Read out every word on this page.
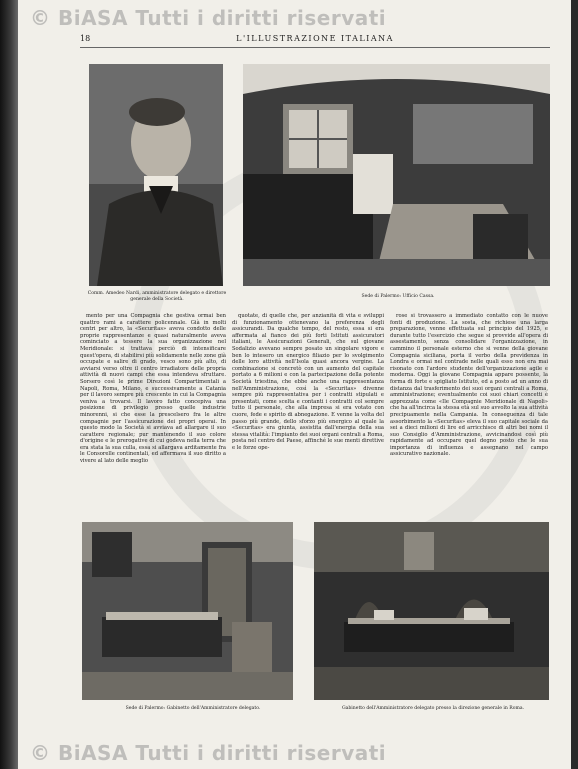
18	L'ILLUSTRAZIONE ITALIANA
Comm. Amedeo Nardi, amministratore delegato e direttore generale della Società.
Sede di Palermo: Ufficio Cassa.

mento per una Compagnia che gestiva ormai ben quattro rami a carattere policennale. Già in molti centri per altro, la «Securitas» aveva condotto delle proprie rappresentanze e quasi naturalmente aveva cominciato a tessere la sua organizzazione nel Meridionale: si trattava perciò di intensificare quest'opera, di stabilirsi più solidamente nelle zone già occupate e salire di grado, vesco sono più alto, di avviarsi verso oltre il centro irradiatore delle propria attività di nuovi campi che essa intendeva sfruttare. Sorsero così le prime Direzioni Compartimentali a Napoli, Roma, Milano, e successivamente a Catania per il lavoro sempre più crescente in cui la Compagnia veniva a trovarsi. Il lavoro fatto concepiva una posizione di privilegio presso quelle industrie minorenni, si che esse la prescelsero fra le altre compagnie per l'assicurazione dei propri operai. In questo modo la Società si avviava ad allargare il suo carattere regionale; pur mantenendo il suo colore d'origine e le prerogative di cui godeva nella terra che era stata la sua culla, essa si allargava arditamente fra le Consorelle continentali, ed affermava il suo diritto a vivere al lato delle meglio

quotate, di quelle che, per anzianità di vita e sviluppi di funzionamento ottenevano la preferenza degli assicurandi. Da qualche tempo, del resto, essa si era affermata al fianco dei più forti Istituti assicuratori italiani, le Assicurazioni Generali, che sul giovane Sodalizio avevano sempre posato un singolare vigore e ben lo intesero un energico filiazio per lo svolgimento delle loro attività nell'Isola quasi ancora vergine. La combinazione si concretò con un aumento del capitale portato a 6 milioni e con la partecipazione della potente Società triestina, che ebbe anche una rappresentanza nell'Amministrazione, così la «Securitas» divenne sempre più rappresentativa per i contratti stipulati e presentati, come scelta e contanti i contratti col sempre tutto il personale, che alla impresa si era votato con cuore, fede e spirito di abnegazione. E venne la volta del passo più grande, dello sforzo più energico al quale la «Securitas» era giunta, assistita dall'energia della sua stessa vitalità: l'impianto dei suoi organi centrali a Roma, posta nel centro del Paese, affinché le sue menti direttive e le forze ope-

rose si trovassero a immediato contatto con le nuove fonti di produzione. La sosta, che richiese una larga preparazione, venne effettuata sul principio del 1925, e durante tutto l'esercizio che segue si provvide all'opera di assestamento, senza consolidare l'organizzazione, in cammino il personale esterno che si venne della giovane Compagnia siciliana, porta il verbo della previdenza in Londra e ormai nel contrade nelle quali esso non era mai risonato con l'ardore studente dell'organizzazione agile e moderna. Oggi la giovane Compagnia appare possente, la forma di forte e spigliato Istituto, ed a posto ad un anno di distanza dal trasferimento dei suoi organi centrali a Roma, amministrazione; eventualmente coi suoi chiari concetti è apprezzata come «Ile Compagnie Meridionale di Napoli» che ha all'incirca la stessa età sul suo avvolto la sua attività precipuamente nella Campania. In conseguenza di tale assorbimento la «Securitas» eleva il suo capitale sociale da sei a dieci milioni di lire ed arricchisce di altri bei nomi il suo Consiglio d'Amministrazione, avvicinandosi così più rapidamente ad occupare quel degno posto che le sua importanza di influenza e assegnano nel campo assicurativo nazionale.

Sede di Palermo: Gabinetto dell'Amministratore delegato.	Gabinetto dell'Amministratore delegato presso la direzione generale in Roma.
© BiASA Tutti i diritti riservati
© BiASA Tutti i diritti riservati
